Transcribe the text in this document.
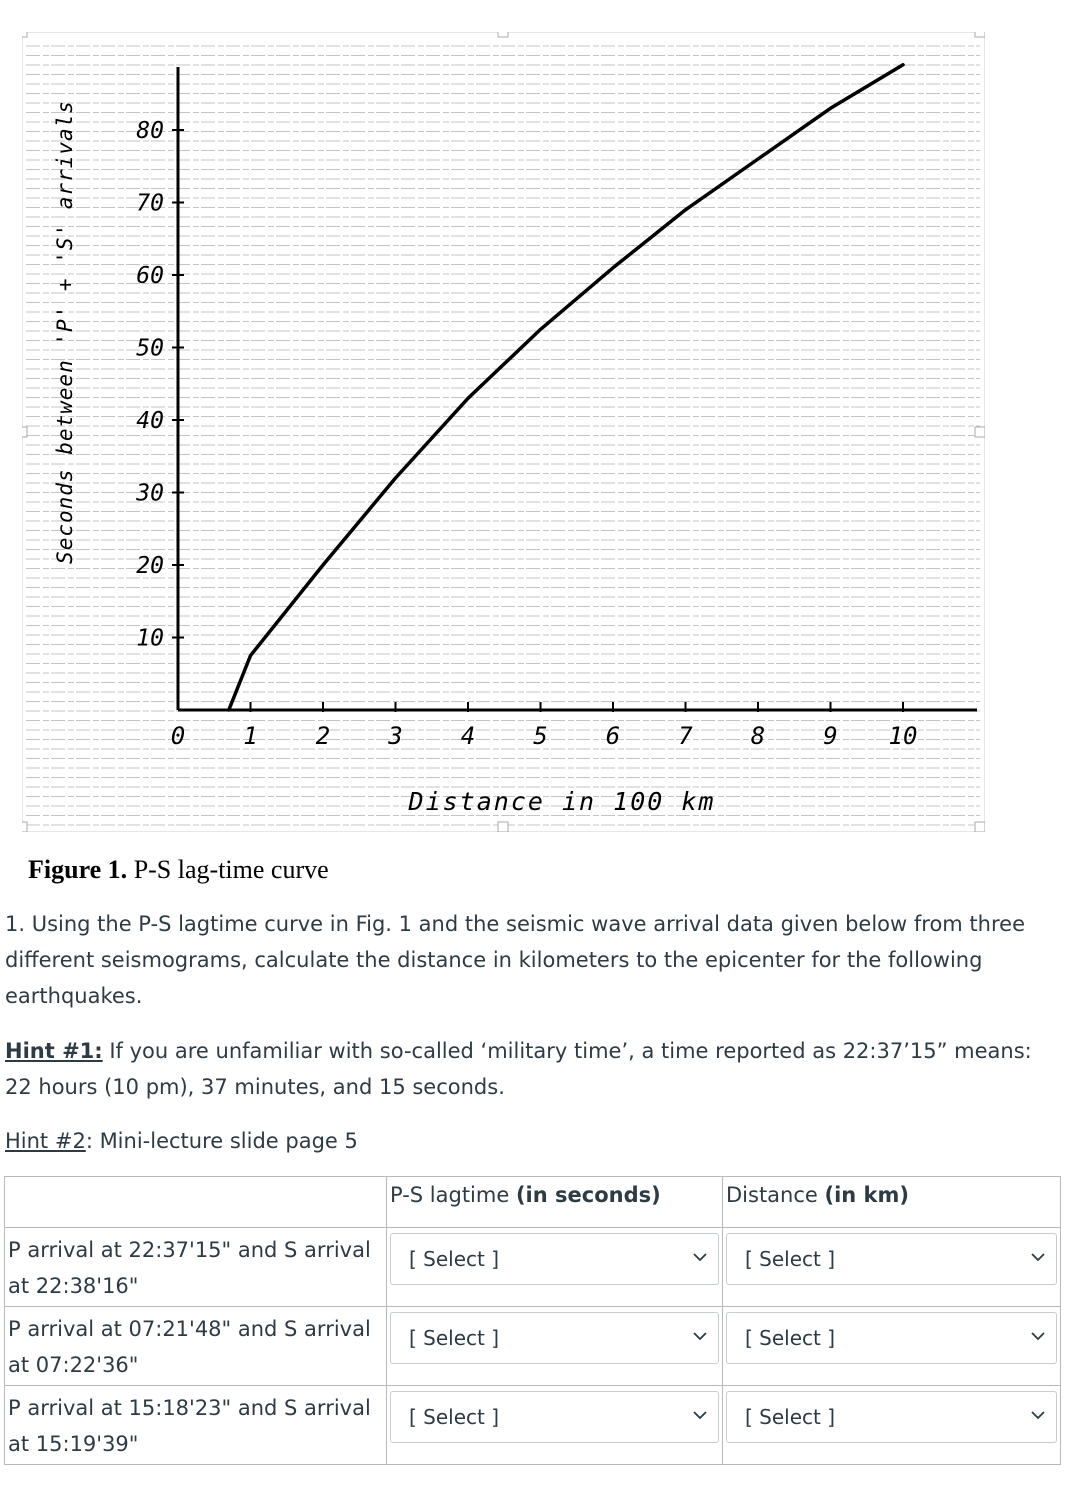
80
70
60
50
40
30
20
10
0 1 2 3 4 5 6 7 8 9 10
Seconds between 'P' + 'S' arrivals
Distance in 100 km
Figure 1. P-S lag-time curve
1. Using the P-S lagtime curve in Fig. 1 and the seismic wave arrival data given below from three different seismograms, calculate the distance in kilometers to the epicenter for the following earthquakes.
Hint #1: If you are unfamiliar with so-called ‘military time’, a time reported as 22:37’15” means: 22 hours (10 pm), 37 minutes, and 15 seconds.
Hint #2: Mini-lecture slide page 5
	P-S lagtime (in seconds)	Distance (in km)
P arrival at 22:37'15" and S arrival at 22:38'16"	[ Select ]	[ Select ]

P arrival at 07:21'48" and S arrival at 07:22'36"	[ Select ]	[ Select ]

P arrival at 15:18'23" and S arrival at 15:19'39"	[ Select ]	[ Select ]
